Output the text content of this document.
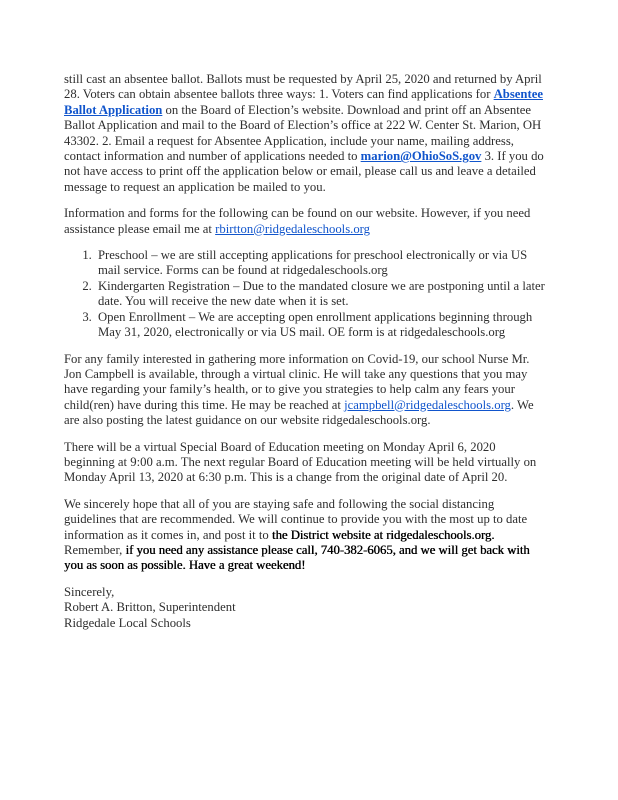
still cast an absentee ballot. Ballots must be requested by April 25, 2020 and returned by April 28. Voters can obtain absentee ballots three ways: 1. Voters can find applications for Absentee Ballot Application on the Board of Election’s website. Download and print off an Absentee Ballot Application and mail to the Board of Election’s office at 222 W. Center St. Marion, OH 43302. 2. Email a request for Absentee Application, include your name, mailing address, contact information and number of applications needed to marion@OhioSoS.gov 3. If you do not have access to print off the application below or email, please call us and leave a detailed message to request an application be mailed to you.

Information and forms for the following can be found on our website. However, if you need assistance please email me at rbirtton@ridgedaleschools.org

1. Preschool – we are still accepting applications for preschool electronically or via US mail service. Forms can be found at ridgedaleschools.org
2. Kindergarten Registration – Due to the mandated closure we are postponing until a later date. You will receive the new date when it is set.
3. Open Enrollment – We are accepting open enrollment applications beginning through May 31, 2020, electronically or via US mail. OE form is at ridgedaleschools.org

For any family interested in gathering more information on Covid-19, our school Nurse Mr. Jon Campbell is available, through a virtual clinic. He will take any questions that you may have regarding your family’s health, or to give you strategies to help calm any fears your child(ren) have during this time. He may be reached at jcampbell@ridgedaleschools.org. We are also posting the latest guidance on our website ridgedaleschools.org.

There will be a virtual Special Board of Education meeting on Monday April 6, 2020 beginning at 9:00 a.m. The next regular Board of Education meeting will be held virtually on Monday April 13, 2020 at 6:30 p.m. This is a change from the original date of April 20.

We sincerely hope that all of you are staying safe and following the social distancing guidelines that are recommended. We will continue to provide you with the most up to date information as it comes in, and post it to the District website at ridgedaleschools.org. Remember, if you need any assistance please call, 740-382-6065, and we will get back with you as soon as possible. Have a great weekend!

Sincerely,
Robert A. Britton, Superintendent
Ridgedale Local Schools
